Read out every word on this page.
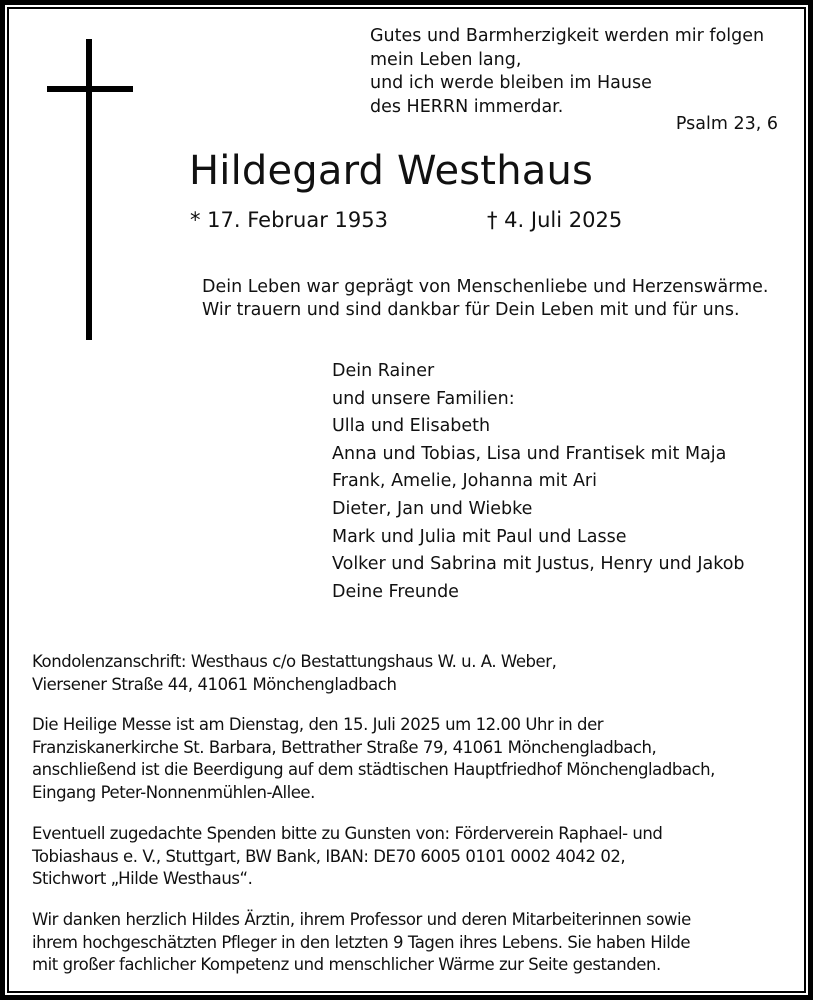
Gutes und Barmherzigkeit werden mir folgen
mein Leben lang,
und ich werde bleiben im Hause
des HERRN immerdar.
Psalm 23, 6
Hildegard Westhaus
* 17. Februar 1953	† 4. Juli 2025
Dein Leben war geprägt von Menschenliebe und Herzenswärme.
Wir trauern und sind dankbar für Dein Leben mit und für uns.
Dein Rainer
und unsere Familien:
Ulla und Elisabeth
Anna und Tobias, Lisa und Frantisek mit Maja
Frank, Amelie, Johanna mit Ari
Dieter, Jan und Wiebke
Mark und Julia mit Paul und Lasse
Volker und Sabrina mit Justus, Henry und Jakob
Deine Freunde
Kondolenzanschrift: Westhaus c/o Bestattungshaus W. u. A. Weber,
Viersener Straße 44, 41061 Mönchengladbach
Die Heilige Messe ist am Dienstag, den 15. Juli 2025 um 12.00 Uhr in der
Franziskanerkirche St. Barbara, Bettrather Straße 79, 41061 Mönchengladbach,
anschließend ist die Beerdigung auf dem städtischen Hauptfriedhof Mönchengladbach,
Eingang Peter-Nonnenmühlen-Allee.
Eventuell zugedachte Spenden bitte zu Gunsten von: Förderverein Raphael- und
Tobiashaus e. V., Stuttgart, BW Bank, IBAN: DE70 6005 0101 0002 4042 02,
Stichwort „Hilde Westhaus“.
Wir danken herzlich Hildes Ärztin, ihrem Professor und deren Mitarbeiterinnen sowie
ihrem hochgeschätzten Pfleger in den letzten 9 Tagen ihres Lebens. Sie haben Hilde
mit großer fachlicher Kompetenz und menschlicher Wärme zur Seite gestanden.
